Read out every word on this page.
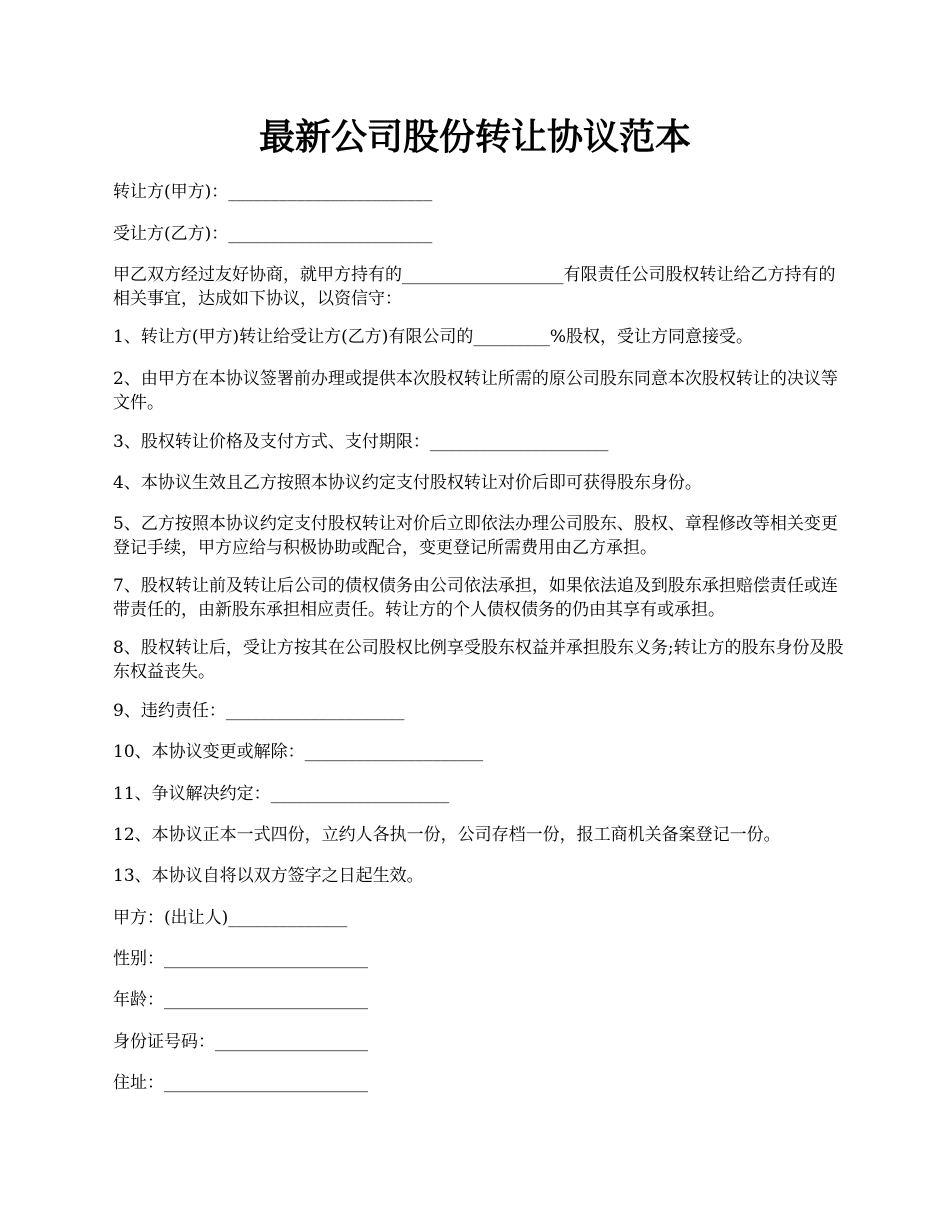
最新公司股份转让协议范本

转让方(甲方)：________________________

受让方(乙方)：________________________

甲乙双方经过友好协商，就甲方持有的___________________有限责任公司股权转让给乙方持有的相关事宜，达成如下协议，以资信守：

1、转让方(甲方)转让给受让方(乙方)有限公司的_________%股权，受让方同意接受。

2、由甲方在本协议签署前办理或提供本次股权转让所需的原公司股东同意本次股权转让的决议等文件。

3、股权转让价格及支付方式、支付期限：_____________________

4、本协议生效且乙方按照本协议约定支付股权转让对价后即可获得股东身份。

5、乙方按照本协议约定支付股权转让对价后立即依法办理公司股东、股权、章程修改等相关变更登记手续，甲方应给与积极协助或配合，变更登记所需费用由乙方承担。

7、股权转让前及转让后公司的债权债务由公司依法承担，如果依法追及到股东承担赔偿责任或连带责任的，由新股东承担相应责任。转让方的个人债权债务的仍由其享有或承担。

8、股权转让后，受让方按其在公司股权比例享受股东权益并承担股东义务;转让方的股东身份及股东权益丧失。

9、违约责任：_____________________

10、本协议变更或解除：_____________________

11、争议解决约定：_____________________

12、本协议正本一式四份，立约人各执一份，公司存档一份，报工商机关备案登记一份。

13、本协议自将以双方签字之日起生效。

甲方：(出让人)______________

性别：________________________

年龄：________________________

身份证号码：__________________

住址：________________________
